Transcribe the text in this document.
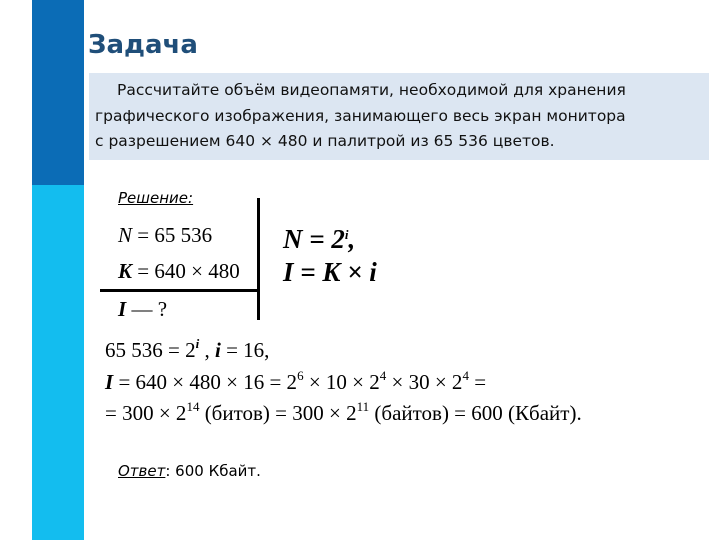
Задача
Рассчитайте объём видеопамяти, необходимой для хранения
графического изображения, занимающего весь экран монитора
с разрешением 640 × 480 и палитрой из 65 536 цветов.
Решение:
N = 65 536
K = 640 × 480
I — ?
$N = 2^i$,
I = K × i
65 $536 = 2^i$ , i = 16,
$I = 640 \times 480 \times 16 = 2^6 \times 10 \times 2^4 \times 30 \times 2^4$ =
= $300 \times 2^{14}$ (битов) = $300 \times 2^{11}$ (байтов) = 600 (Кбайт).
Ответ: 600 Кбайт.
